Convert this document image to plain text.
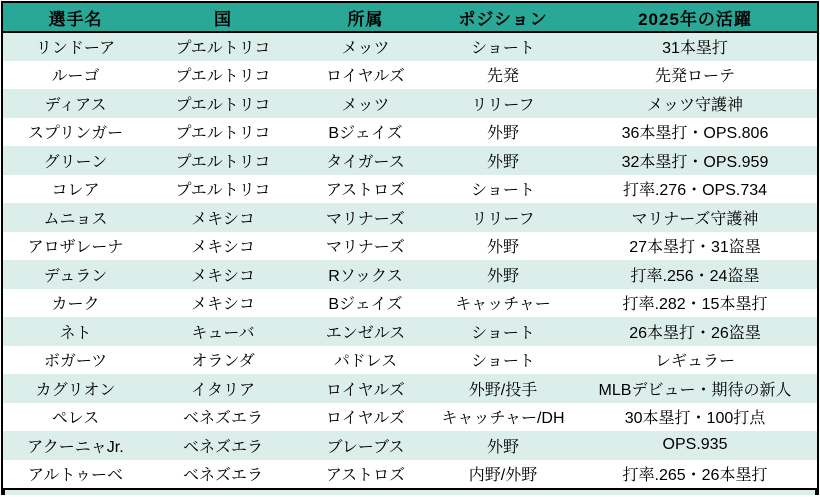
選手名	国	所属	ポジション	2025年の活躍
リンドーア	プエルトリコ	メッツ	ショート	31本塁打
ルーゴ	プエルトリコ	ロイヤルズ	先発	先発ローテ
ディアス	プエルトリコ	メッツ	リリーフ	メッツ守護神
スプリンガー	プエルトリコ	Bジェイズ	外野	36本塁打・OPS.806
グリーン	プエルトリコ	タイガース	外野	32本塁打・OPS.959
コレア	プエルトリコ	アストロズ	ショート	打率.276・OPS.734
ムニョス	メキシコ	マリナーズ	リリーフ	マリナーズ守護神
アロザレーナ	メキシコ	マリナーズ	外野	27本塁打・31盗塁
デュラン	メキシコ	Rソックス	外野	打率.256・24盗塁
カーク	メキシコ	Bジェイズ	キャッチャー	打率.282・15本塁打
ネト	キューバ	エンゼルス	ショート	26本塁打・26盗塁
ボガーツ	オランダ	パドレス	ショート	レギュラー
カグリオン	イタリア	ロイヤルズ	外野/投手	MLBデビュー・期待の新人
ペレス	ベネズエラ	ロイヤルズ	キャッチャー/DH	30本塁打・100打点
アクーニャJr.	ベネズエラ	ブレーブス	外野	OPS.935
アルトゥーベ	ベネズエラ	アストロズ	内野/外野	打率.265・26本塁打
